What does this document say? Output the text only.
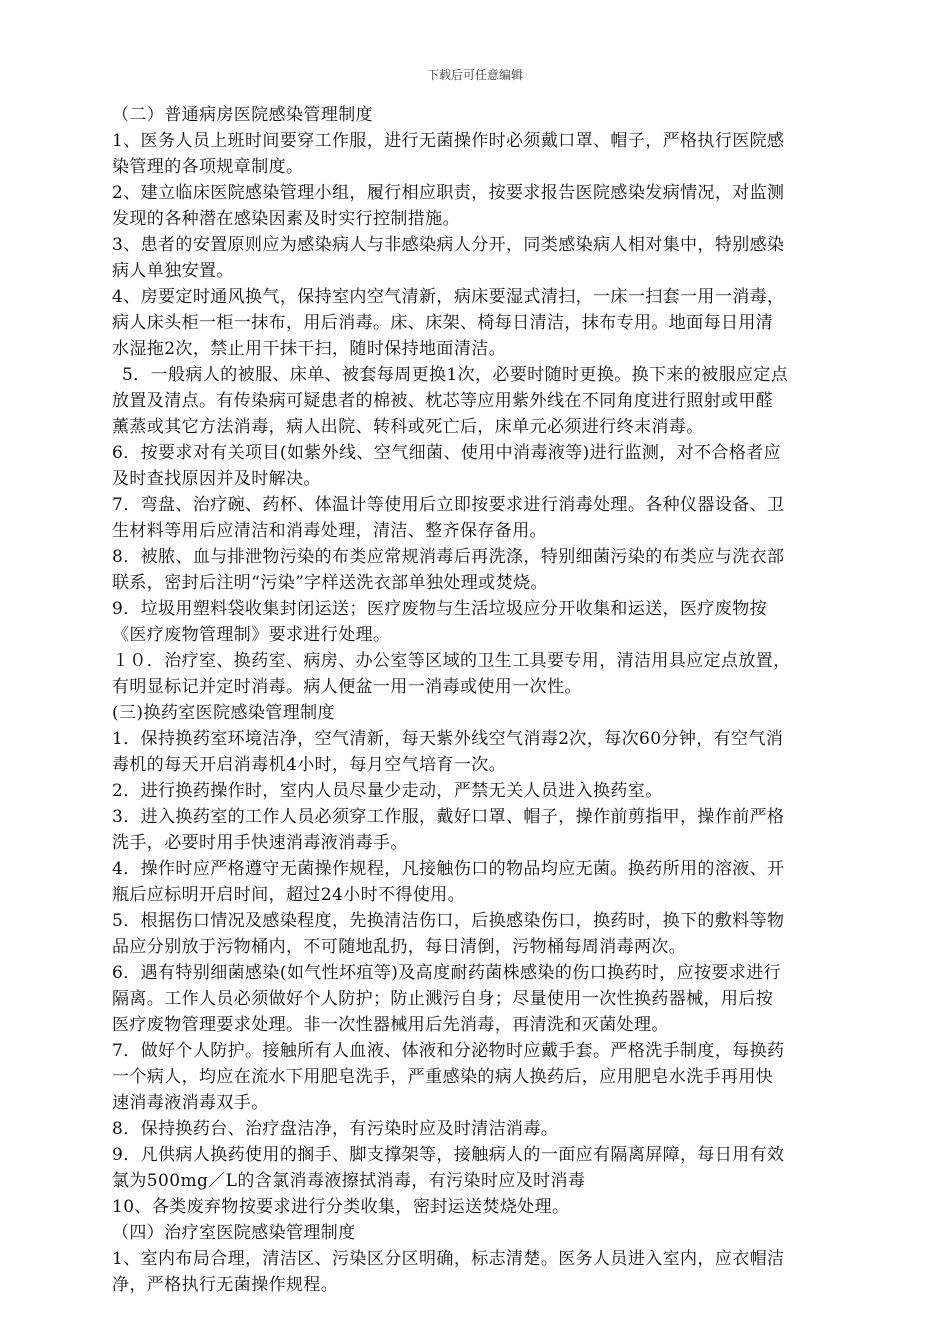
下载后可任意编辑
（二）普通病房医院感染管理制度
1、医务人员上班时间要穿工作服，进行无菌操作时必须戴口罩、帽子，严格执行医院感
染管理的各项规章制度。
2、建立临床医院感染管理小组，履行相应职责，按要求报告医院感染发病情况，对监测
发现的各种潜在感染因素及时实行控制措施。
3、患者的安置原则应为感染病人与非感染病人分开，同类感染病人相对集中，特别感染
病人单独安置。
4、房要定时通风换气，保持室内空气清新，病床要湿式清扫，一床一扫套一用一消毒，
病人床头柜一柜一抹布，用后消毒。床、床架、椅每日清洁，抹布专用。地面每日用清
水湿拖2次，禁止用干抹干扫，随时保持地面清洁。
5．一般病人的被服、床单、被套每周更换1次，必要时随时更换。换下来的被服应定点
放置及清点。有传染病可疑患者的棉被、枕芯等应用紫外线在不同角度进行照射或甲醛
薰蒸或其它方法消毒，病人出院、转科或死亡后，床单元必须进行终末消毒。
6．按要求对有关项目(如紫外线、空气细菌、使用中消毒液等)进行监测，对不合格者应
及时查找原因并及时解决。
7．弯盘、治疗碗、药杯、体温计等使用后立即按要求进行消毒处理。各种仪器设备、卫
生材料等用后应清洁和消毒处理，清洁、整齐保存备用。
8．被脓、血与排泄物污染的布类应常规消毒后再洗涤，特别细菌污染的布类应与洗衣部
联系，密封后注明“污染”字样送洗衣部单独处理或焚烧。
9．垃圾用塑料袋收集封闭运送；医疗废物与生活垃圾应分开收集和运送，医疗废物按
《医疗废物管理制》要求进行处理。
１０．治疗室、换药室、病房、办公室等区域的卫生工具要专用，清洁用具应定点放置，
有明显标记并定时消毒。病人便盆一用一消毒或使用一次性。
(三)换药室医院感染管理制度
1．保持换药室环境洁净，空气清新，每天紫外线空气消毒2次，每次60分钟，有空气消
毒机的每天开启消毒机4小时，每月空气培育一次。
2．进行换药操作时，室内人员尽量少走动，严禁无关人员进入换药室。
3．进入换药室的工作人员必须穿工作服，戴好口罩、帽子，操作前剪指甲，操作前严格
洗手，必要时用手快速消毒液消毒手。
4．操作时应严格遵守无菌操作规程，凡接触伤口的物品均应无菌。换药所用的溶液、开
瓶后应标明开启时间，超过24小时不得使用。
5．根据伤口情况及感染程度，先换清洁伤口，后换感染伤口，换药时，换下的敷料等物
品应分别放于污物桶内，不可随地乱扔，每日清倒，污物桶每周消毒两次。
6．遇有特别细菌感染(如气性坏疽等)及高度耐药菌株感染的伤口换药时，应按要求进行
隔离。工作人员必须做好个人防护；防止溅污自身；尽量使用一次性换药器械，用后按
医疗废物管理要求处理。非一次性器械用后先消毒，再清洗和灭菌处理。
7．做好个人防护。接触所有人血液、体液和分泌物时应戴手套。严格洗手制度，每换药
一个病人，均应在流水下用肥皂洗手，严重感染的病人换药后，应用肥皂水洗手再用快
速消毒液消毒双手。
8．保持换药台、治疗盘洁净，有污染时应及时清洁消毒。
9．凡供病人换药使用的搁手、脚支撑架等，接触病人的一面应有隔离屏障，每日用有效
氯为500mg／L的含氯消毒液擦拭消毒，有污染时应及时消毒
10、各类废弃物按要求进行分类收集，密封运送焚烧处理。
（四）治疗室医院感染管理制度
1、室内布局合理，清洁区、污染区分区明确，标志清楚。医务人员进入室内，应衣帽洁
净，严格执行无菌操作规程。
